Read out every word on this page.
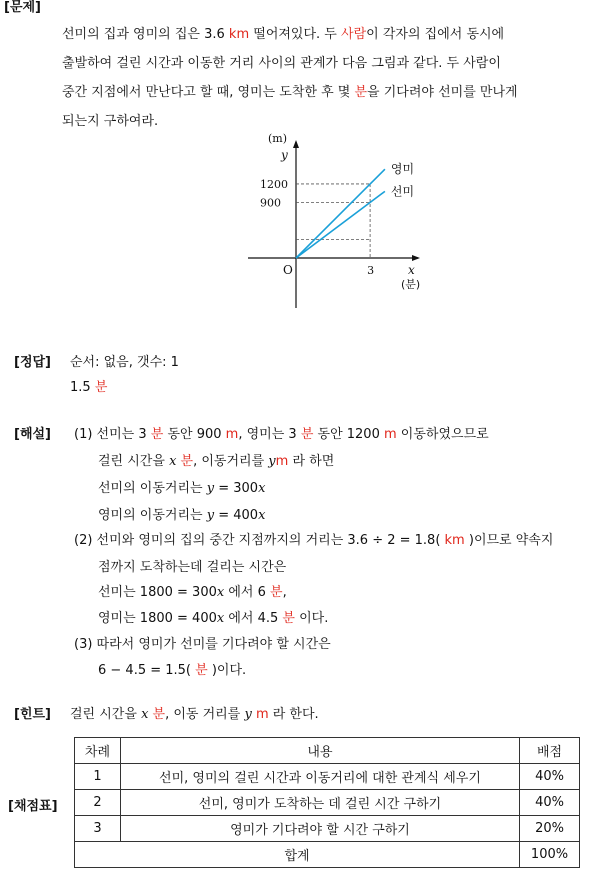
[문제]
선미의 집과 영미의 집은 3.6 km 떨어져있다. 두 사람이 각자의 집에서 동시에
출발하여 걸린 시간과 이동한 거리 사이의 관계가 다음 그림과 같다. 두 사람이
중간 지점에서 만난다고 할 때, 영미는 도착한 후 몇 분을 기다려야 선미를 만나게
되는지 구하여라.
영미
선미
(m)
y
1200
900
3
O	x
(분)
[정답] 순서: 없음, 갯수: 1
1.5 분
[해설] (1) 선미는 3 분 동안 900 m, 영미는 3 분 동안 1200 m 이동하였으므로
걸린 시간을 x 분, 이동거리를 ym 라 하면
선미의 이동거리는 y = 300x
영미의 이동거리는 y = 400x
(2) 선미와 영미의 집의 중간 지점까지의 거리는 3.6 ÷ 2 = 1.8( km )이므로 약속지
점까지 도착하는데 걸리는 시간은
선미는 1800 = 300x 에서 6 분,
영미는 1800 = 400x 에서 4.5 분 이다.
(3) 따라서 영미가 선미를 기다려야 할 시간은
6 − 4.5 = 1.5( 분 )이다.
[힌트] 걸린 시간을 x 분, 이동 거리를 y m 라 한다.
[채점표]
차례	내용	배점
1	선미, 영미의 걸린 시간과 이동거리에 대한 관계식 세우기	40%
2	선미, 영미가 도착하는 데 걸린 시간 구하기	40%
3	영미가 기다려야 할 시간 구하기	20%
합계		100%
